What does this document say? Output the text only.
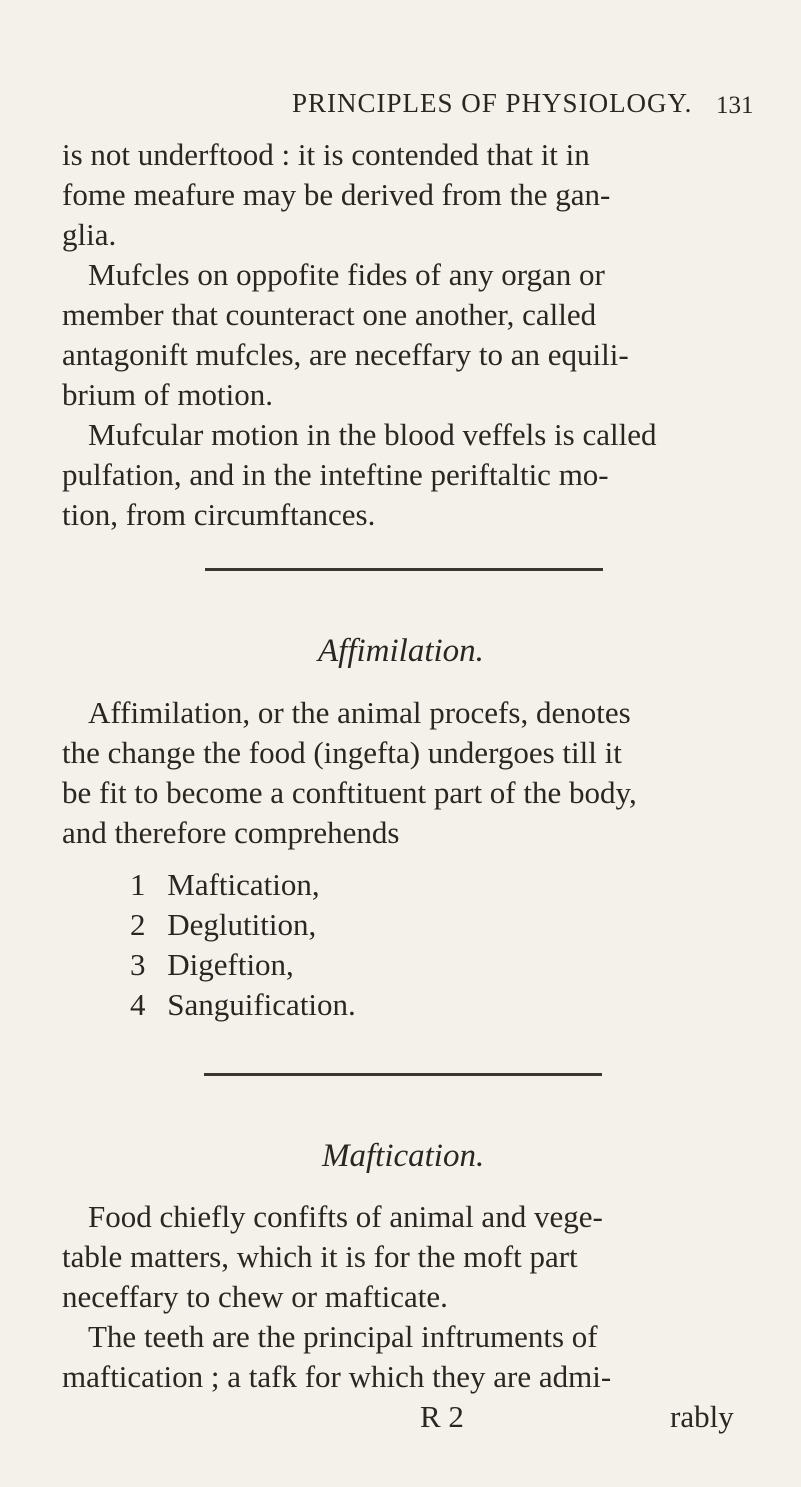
PRINCIPLES OF PHYSIOLOGY. 131
is not underftood : it is contended that it in
fome meafure may be derived from the gan-
glia.
Mufcles on oppofite fides of any organ or
member that counteract one another, called
antagonift mufcles, are neceffary to an equili-
brium of motion.
Mufcular motion in the blood veffels is called
pulfation, and in the inteftine periftaltic mo-
tion, from circumftances.
Affimilation.
Affimilation, or the animal procefs, denotes
the change the food (ingefta) undergoes till it
be fit to become a conftituent part of the body,
and therefore comprehends
1 Maftication,
2 Deglutition,
3 Digeftion,
4 Sanguification.
Maftication.
Food chiefly confifts of animal and vege-
table matters, which it is for the moft part
neceffary to chew or mafticate.
The teeth are the principal inftruments of
maftication ; a tafk for which they are admi-
R 2	rably
